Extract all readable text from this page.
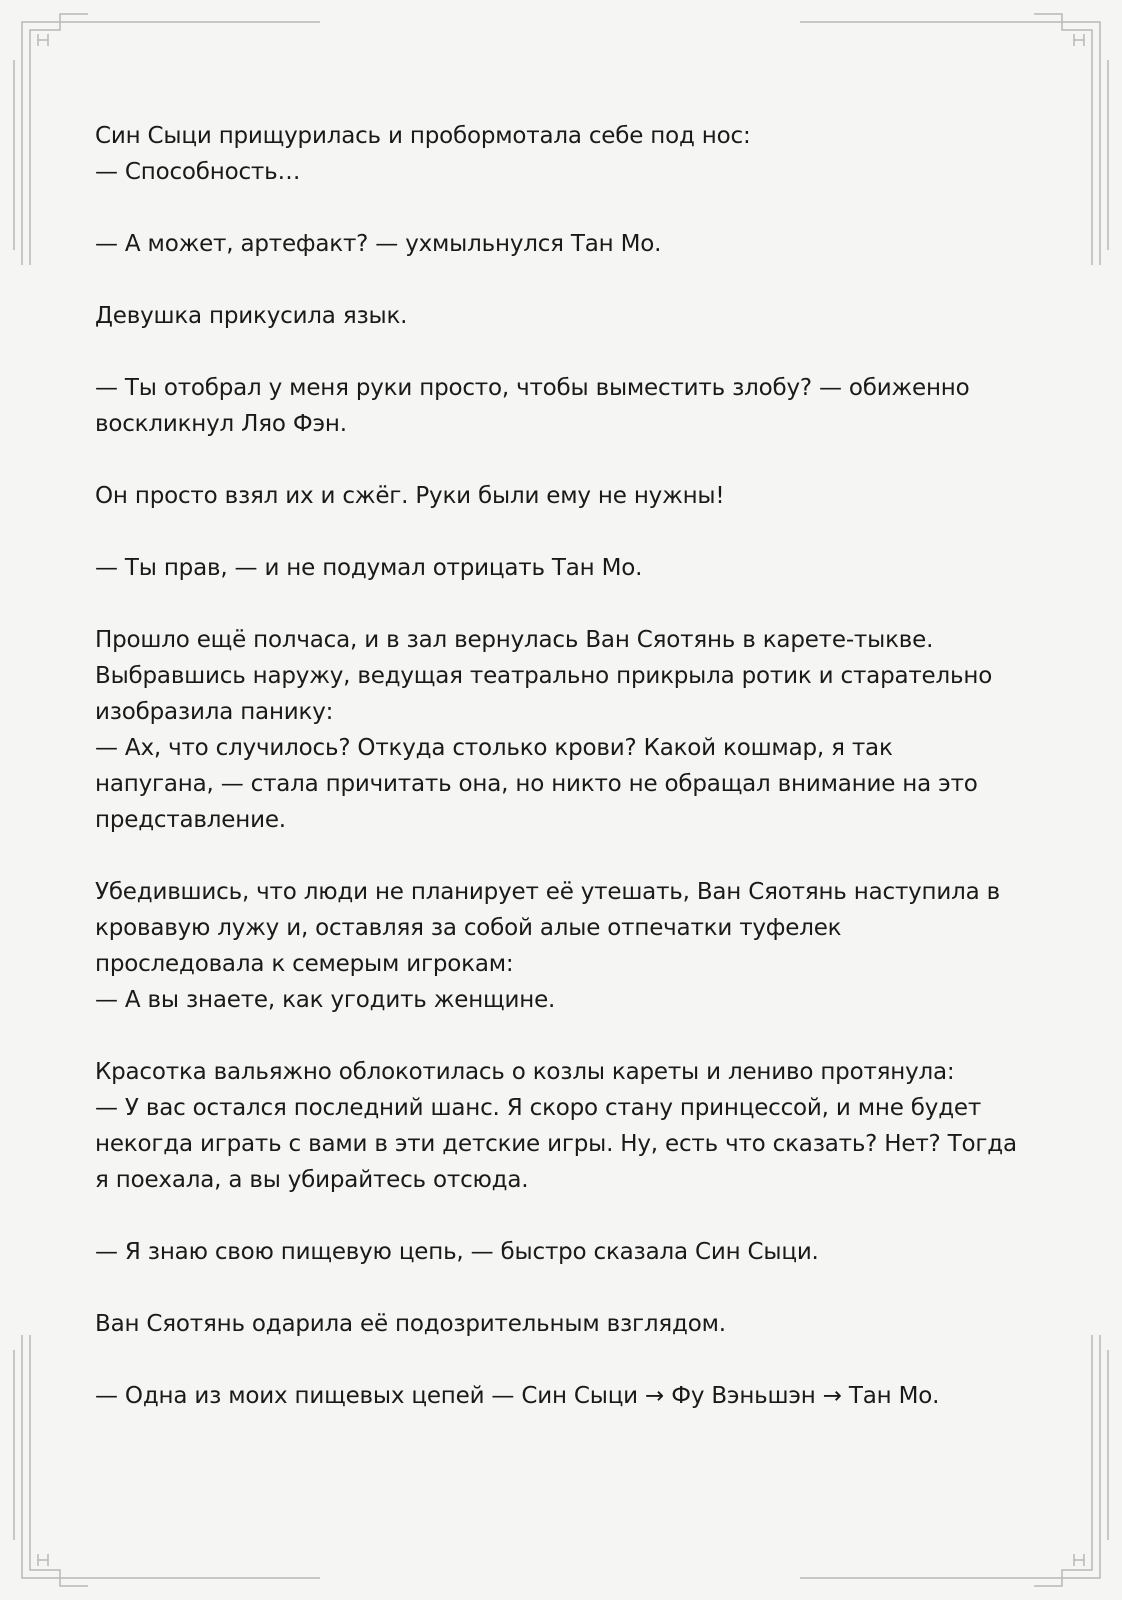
Син Сыци прищурилась и пробормотала себе под нос:
— Способность…

— А может, артефакт? — ухмыльнулся Тан Мо.

Девушка прикусила язык.

— Ты отобрал у меня руки просто, чтобы выместить злобу? — обиженно
воскликнул Ляо Фэн.

Он просто взял их и сжёг. Руки были ему не нужны!

— Ты прав, — и не подумал отрицать Тан Мо.

Прошло ещё полчаса, и в зал вернулась Ван Сяотянь в карете-тыкве.
Выбравшись наружу, ведущая театрально прикрыла ротик и старательно
изобразила панику:
— Ах, что случилось? Откуда столько крови? Какой кошмар, я так
напугана, — стала причитать она, но никто не обращал внимание на это
представление.

Убедившись, что люди не планирует её утешать, Ван Сяотянь наступила в
кровавую лужу и, оставляя за собой алые отпечатки туфелек
проследовала к семерым игрокам:
— А вы знаете, как угодить женщине.

Красотка вальяжно облокотилась о козлы кареты и лениво протянула:
— У вас остался последний шанс. Я скоро стану принцессой, и мне будет
некогда играть с вами в эти детские игры. Ну, есть что сказать? Нет? Тогда
я поехала, а вы убирайтесь отсюда.

— Я знаю свою пищевую цепь, — быстро сказала Син Сыци.

Ван Сяотянь одарила её подозрительным взглядом.

— Одна из моих пищевых цепей — Син Сыци → Фу Вэньшэн → Тан Мо.
